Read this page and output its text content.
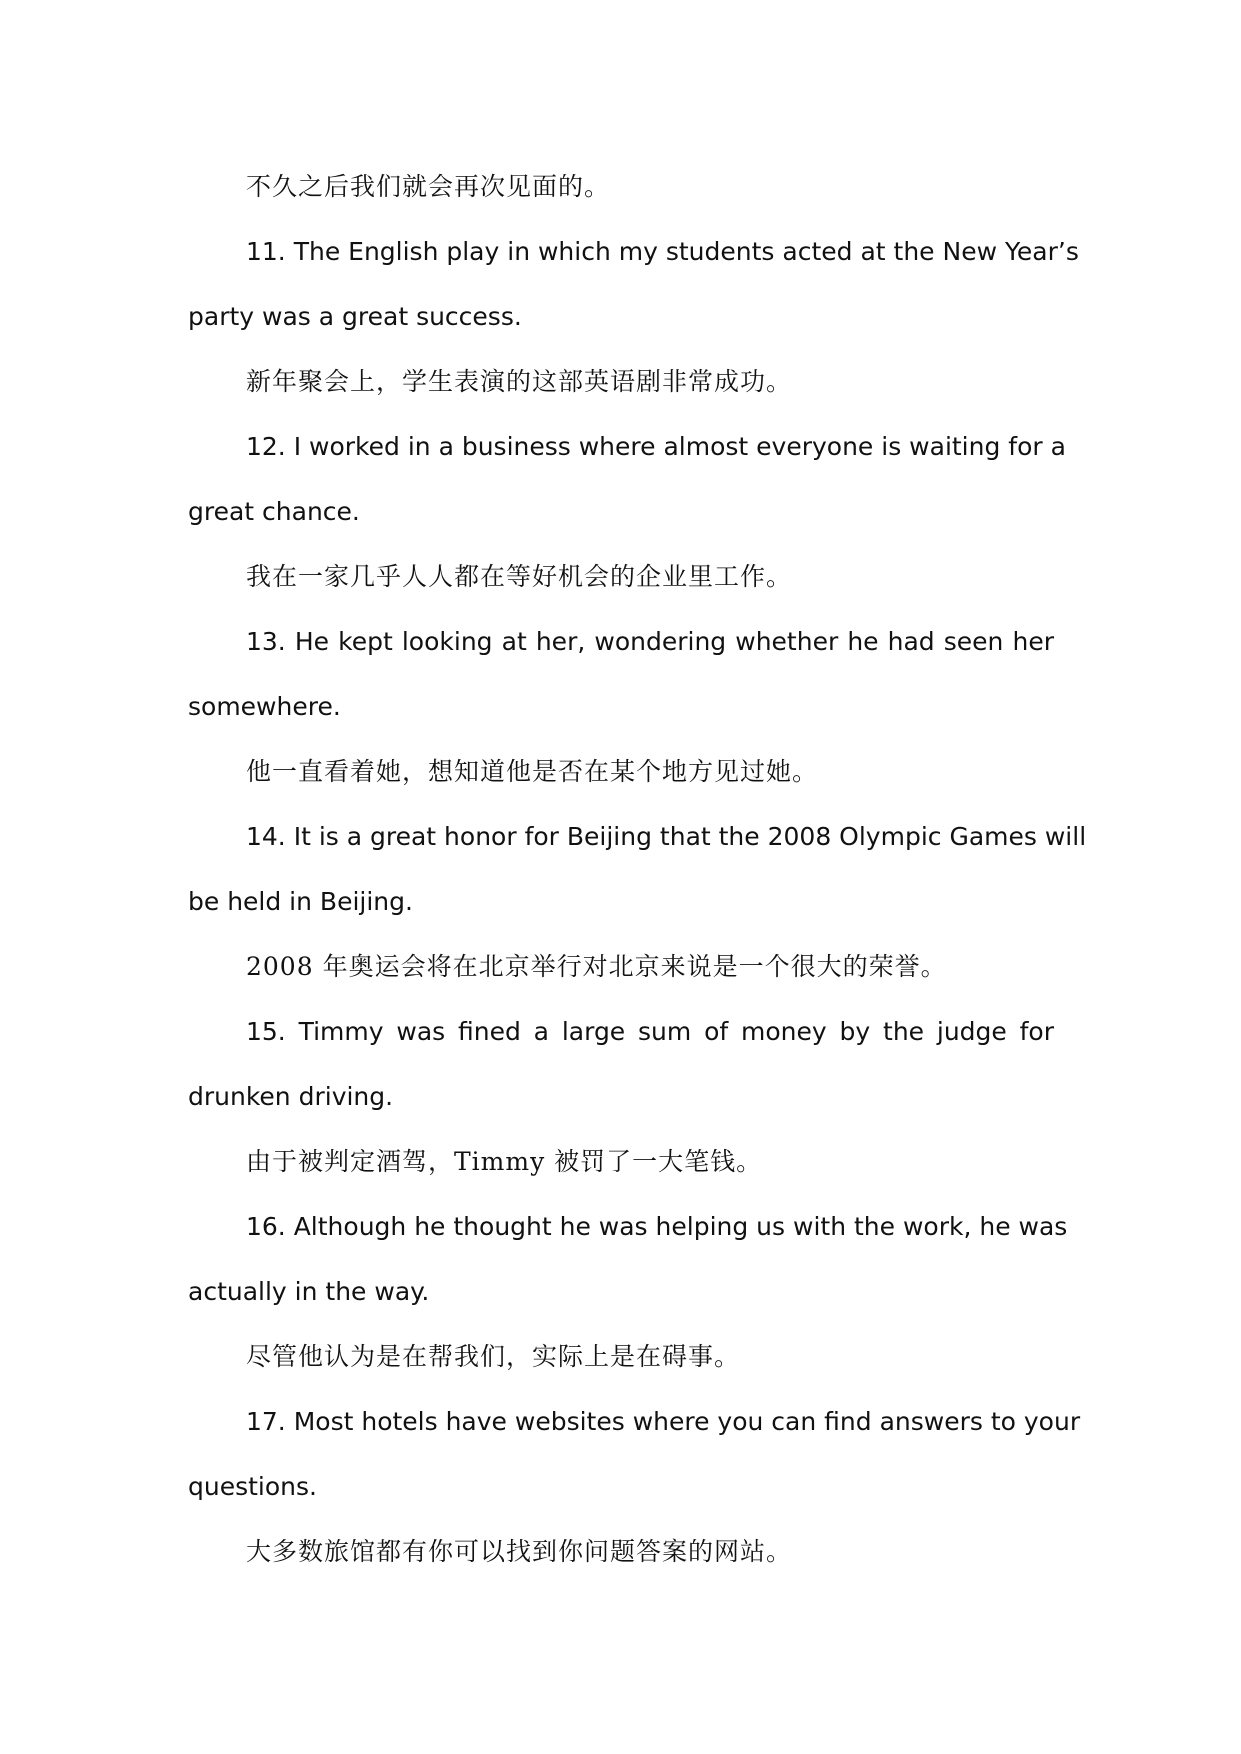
不久之后我们就会再次见面的。
11. The English play in which my students acted at the New Year’s
party was a great success.
新年聚会上，学生表演的这部英语剧非常成功。
12. I worked in a business where almost everyone is waiting for a
great chance.
我在一家几乎人人都在等好机会的企业里工作。
13. He kept looking at her, wondering whether he had seen her
somewhere.
他一直看着她，想知道他是否在某个地方见过她。
14. It is a great honor for Beijing that the 2008 Olympic Games will
be held in Beijing.
2008 年奥运会将在北京举行对北京来说是一个很大的荣誉。
15. Timmy was fined a large sum of money by the judge for
drunken driving.
由于被判定酒驾，Timmy 被罚了一大笔钱。
16. Although he thought he was helping us with the work, he was
actually in the way.
尽管他认为是在帮我们，实际上是在碍事。
17. Most hotels have websites where you can find answers to your
questions.
大多数旅馆都有你可以找到你问题答案的网站。
